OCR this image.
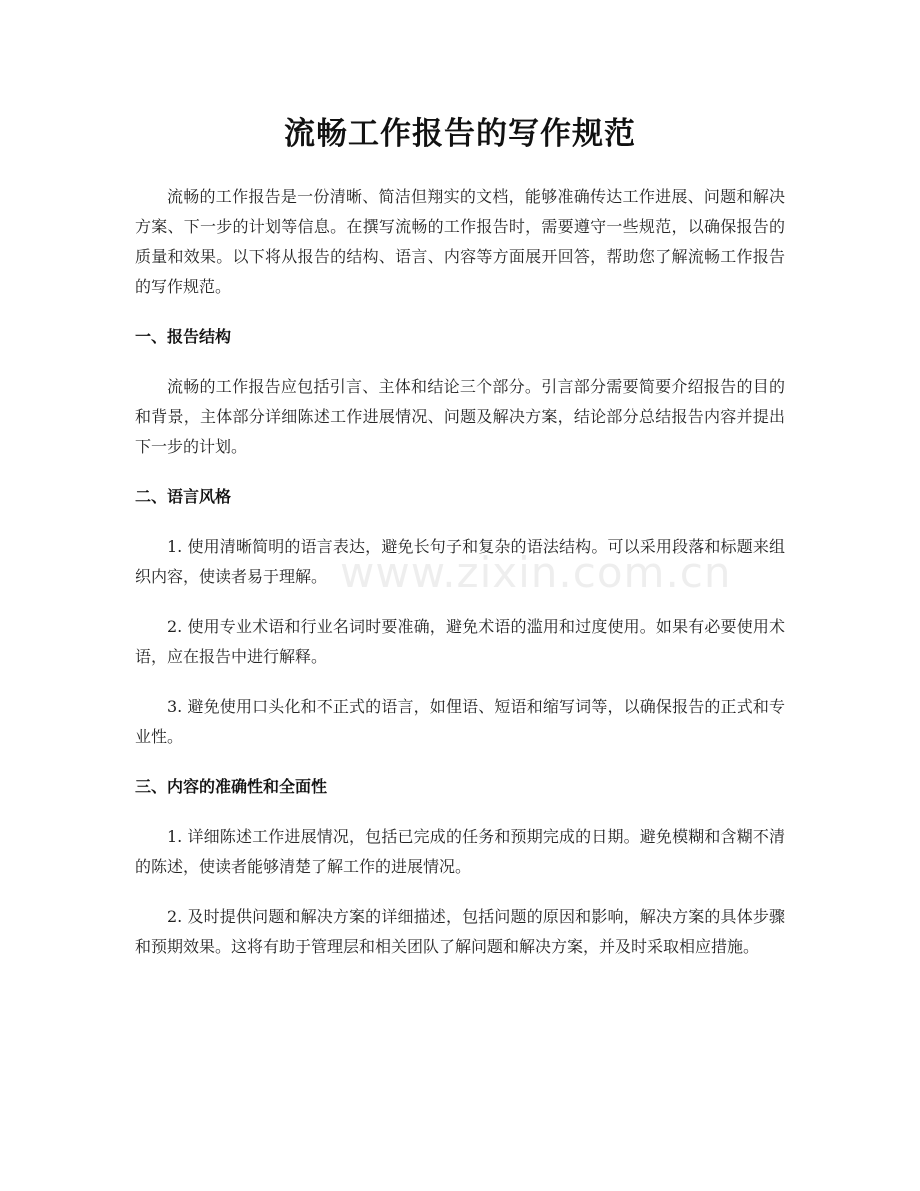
流畅工作报告的写作规范

流畅的工作报告是一份清晰、简洁但翔实的文档，能够准确传达工作进展、问题和解决方案、下一步的计划等信息。在撰写流畅的工作报告时，需要遵守一些规范，以确保报告的质量和效果。以下将从报告的结构、语言、内容等方面展开回答，帮助您了解流畅工作报告的写作规范。

一、报告结构

流畅的工作报告应包括引言、主体和结论三个部分。引言部分需要简要介绍报告的目的和背景，主体部分详细陈述工作进展情况、问题及解决方案，结论部分总结报告内容并提出下一步的计划。

二、语言风格

1. 使用清晰简明的语言表达，避免长句子和复杂的语法结构。可以采用段落和标题来组织内容，使读者易于理解。

2. 使用专业术语和行业名词时要准确，避免术语的滥用和过度使用。如果有必要使用术语，应在报告中进行解释。

3. 避免使用口头化和不正式的语言，如俚语、短语和缩写词等，以确保报告的正式和专业性。

三、内容的准确性和全面性

1. 详细陈述工作进展情况，包括已完成的任务和预期完成的日期。避免模糊和含糊不清的陈述，使读者能够清楚了解工作的进展情况。

2. 及时提供问题和解决方案的详细描述，包括问题的原因和影响，解决方案的具体步骤和预期效果。这将有助于管理层和相关团队了解问题和解决方案，并及时采取相应措施。

www.zixin.com.cn
